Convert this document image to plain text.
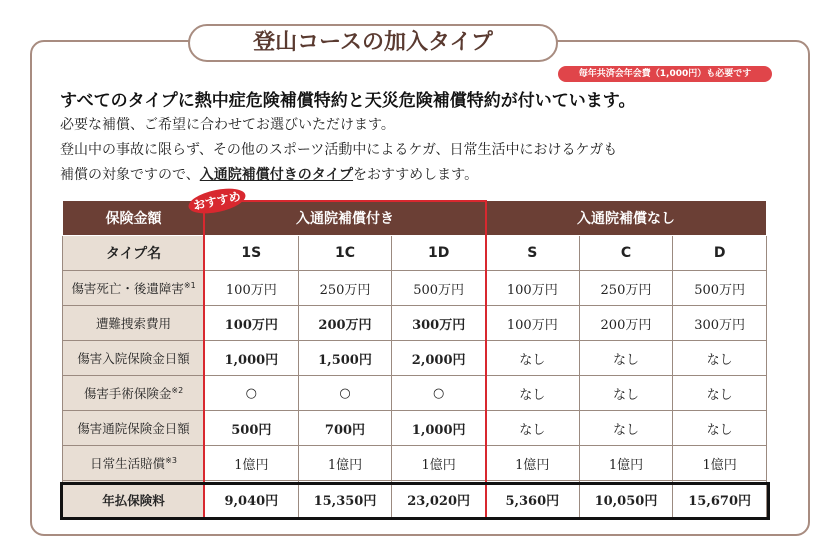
登山コースの加入タイプ
毎年共済会年会費（1,000円）も必要です
すべてのタイプに熱中症危険補償特約と天災危険補償特約が付いています。
必要な補償、ご希望に合わせてお選びいただけます。
登山中の事故に限らず、その他のスポーツ活動中によるケガ、日常生活中におけるケガも
補償の対象ですので、入通院補償付きのタイプをおすすめします。
保険金額	入通院補償付き			入通院補償なし		
タイプ名	1S	1C	1D	S	C	D
傷害死亡・後遺障害$^{※1}$	100万円	250万円	500万円	100万円	250万円	500万円
遭難捜索費用	100万円	200万円	300万円	100万円	200万円	300万円
傷害入院保険金日額	1,000円	1,500円	2,000円	なし	なし	なし
傷害手術保険金$^{※2}$	○	○	○	なし	なし	なし
傷害通院保険金日額	500円	700円	1,000円	なし	なし	なし
日常生活賠償$^{※3}$	1億円	1億円	1億円	1億円	1億円	1億円
年払保険料	9,040円	15,350円	23,020円	5,360円	10,050円	15,670円
おすすめ
